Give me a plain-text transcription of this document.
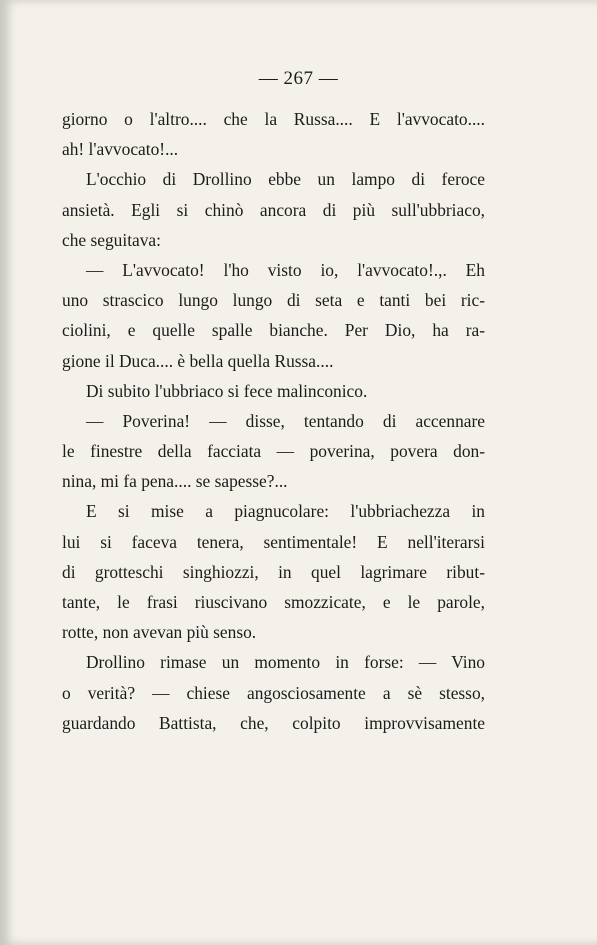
— 267 —
giorno o l'altro.... che la Russa.... E l'avvocato....
ah! l'avvocato!...
L'occhio di Drollino ebbe un lampo di feroce
ansietà. Egli si chinò ancora di più sull'ubbriaco,
che seguitava:
— L'avvocato! l'ho visto io, l'avvocato!.,. Eh
uno strascico lungo lungo di seta e tanti bei ric-
ciolini, e quelle spalle bianche. Per Dio, ha ra-
gione il Duca.... è bella quella Russa....
Di subito l'ubbriaco si fece malinconico.
— Poverina! — disse, tentando di accennare
le finestre della facciata — poverina, povera don-
nina, mi fa pena.... se sapesse?...
E si mise a piagnucolare: l'ubbriachezza in
lui si faceva tenera, sentimentale! E nell'iterarsi
di grotteschi singhiozzi, in quel lagrimare ribut-
tante, le frasi riuscivano smozzicate, e le parole,
rotte, non avevan più senso.
Drollino rimase un momento in forse: — Vino
o verità? — chiese angosciosamente a sè stesso,
guardando Battista, che, colpito improvvisamente
